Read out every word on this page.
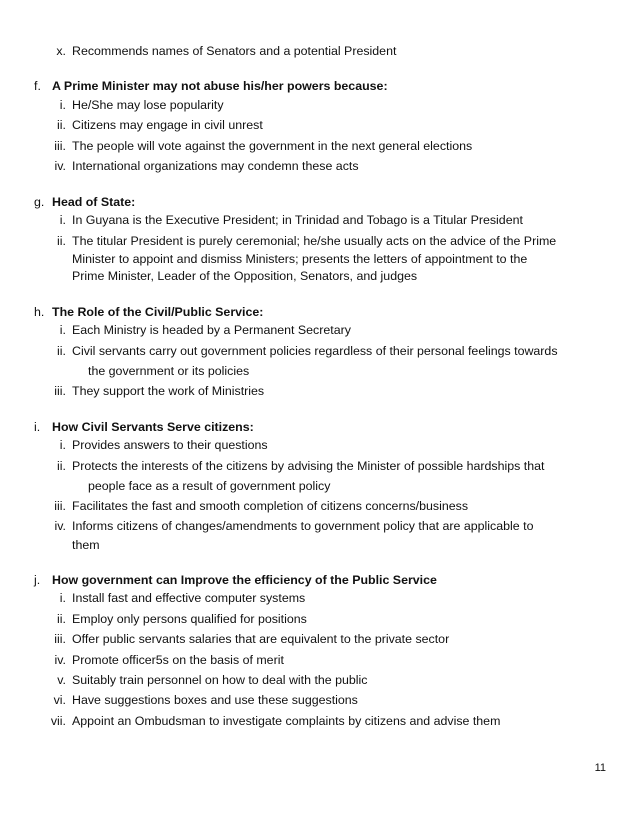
x. Recommends names of Senators and a potential President
f. A Prime Minister may not abuse his/her powers because:
i. He/She may lose popularity
ii. Citizens may engage in civil unrest
iii. The people will vote against the government in the next general elections
iv. International organizations may condemn these acts
g. Head of State:
i. In Guyana is the Executive President; in Trinidad and Tobago is a Titular President
ii. The titular President is purely ceremonial; he/she usually acts on the advice of the Prime
Minister to appoint and dismiss Ministers; presents the letters of appointment to the
Prime Minister, Leader of the Opposition, Senators, and judges
h. The Role of the Civil/Public Service:
i. Each Ministry is headed by a Permanent Secretary
ii. Civil servants carry out government policies regardless of their personal feelings towards
the government or its policies
iii. They support the work of Ministries
i. How Civil Servants Serve citizens:
i. Provides answers to their questions
ii. Protects the interests of the citizens by advising the Minister of possible hardships that
people face as a result of government policy
iii. Facilitates the fast and smooth completion of citizens concerns/business
iv. Informs citizens of changes/amendments to government policy that are applicable to
them
j. How government can Improve the efficiency of the Public Service
i. Install fast and effective computer systems
ii. Employ only persons qualified for positions
iii. Offer public servants salaries that are equivalent to the private sector
iv. Promote officer5s on the basis of merit
v. Suitably train personnel on how to deal with the public
vi. Have suggestions boxes and use these suggestions
vii. Appoint an Ombudsman to investigate complaints by citizens and advise them
11
